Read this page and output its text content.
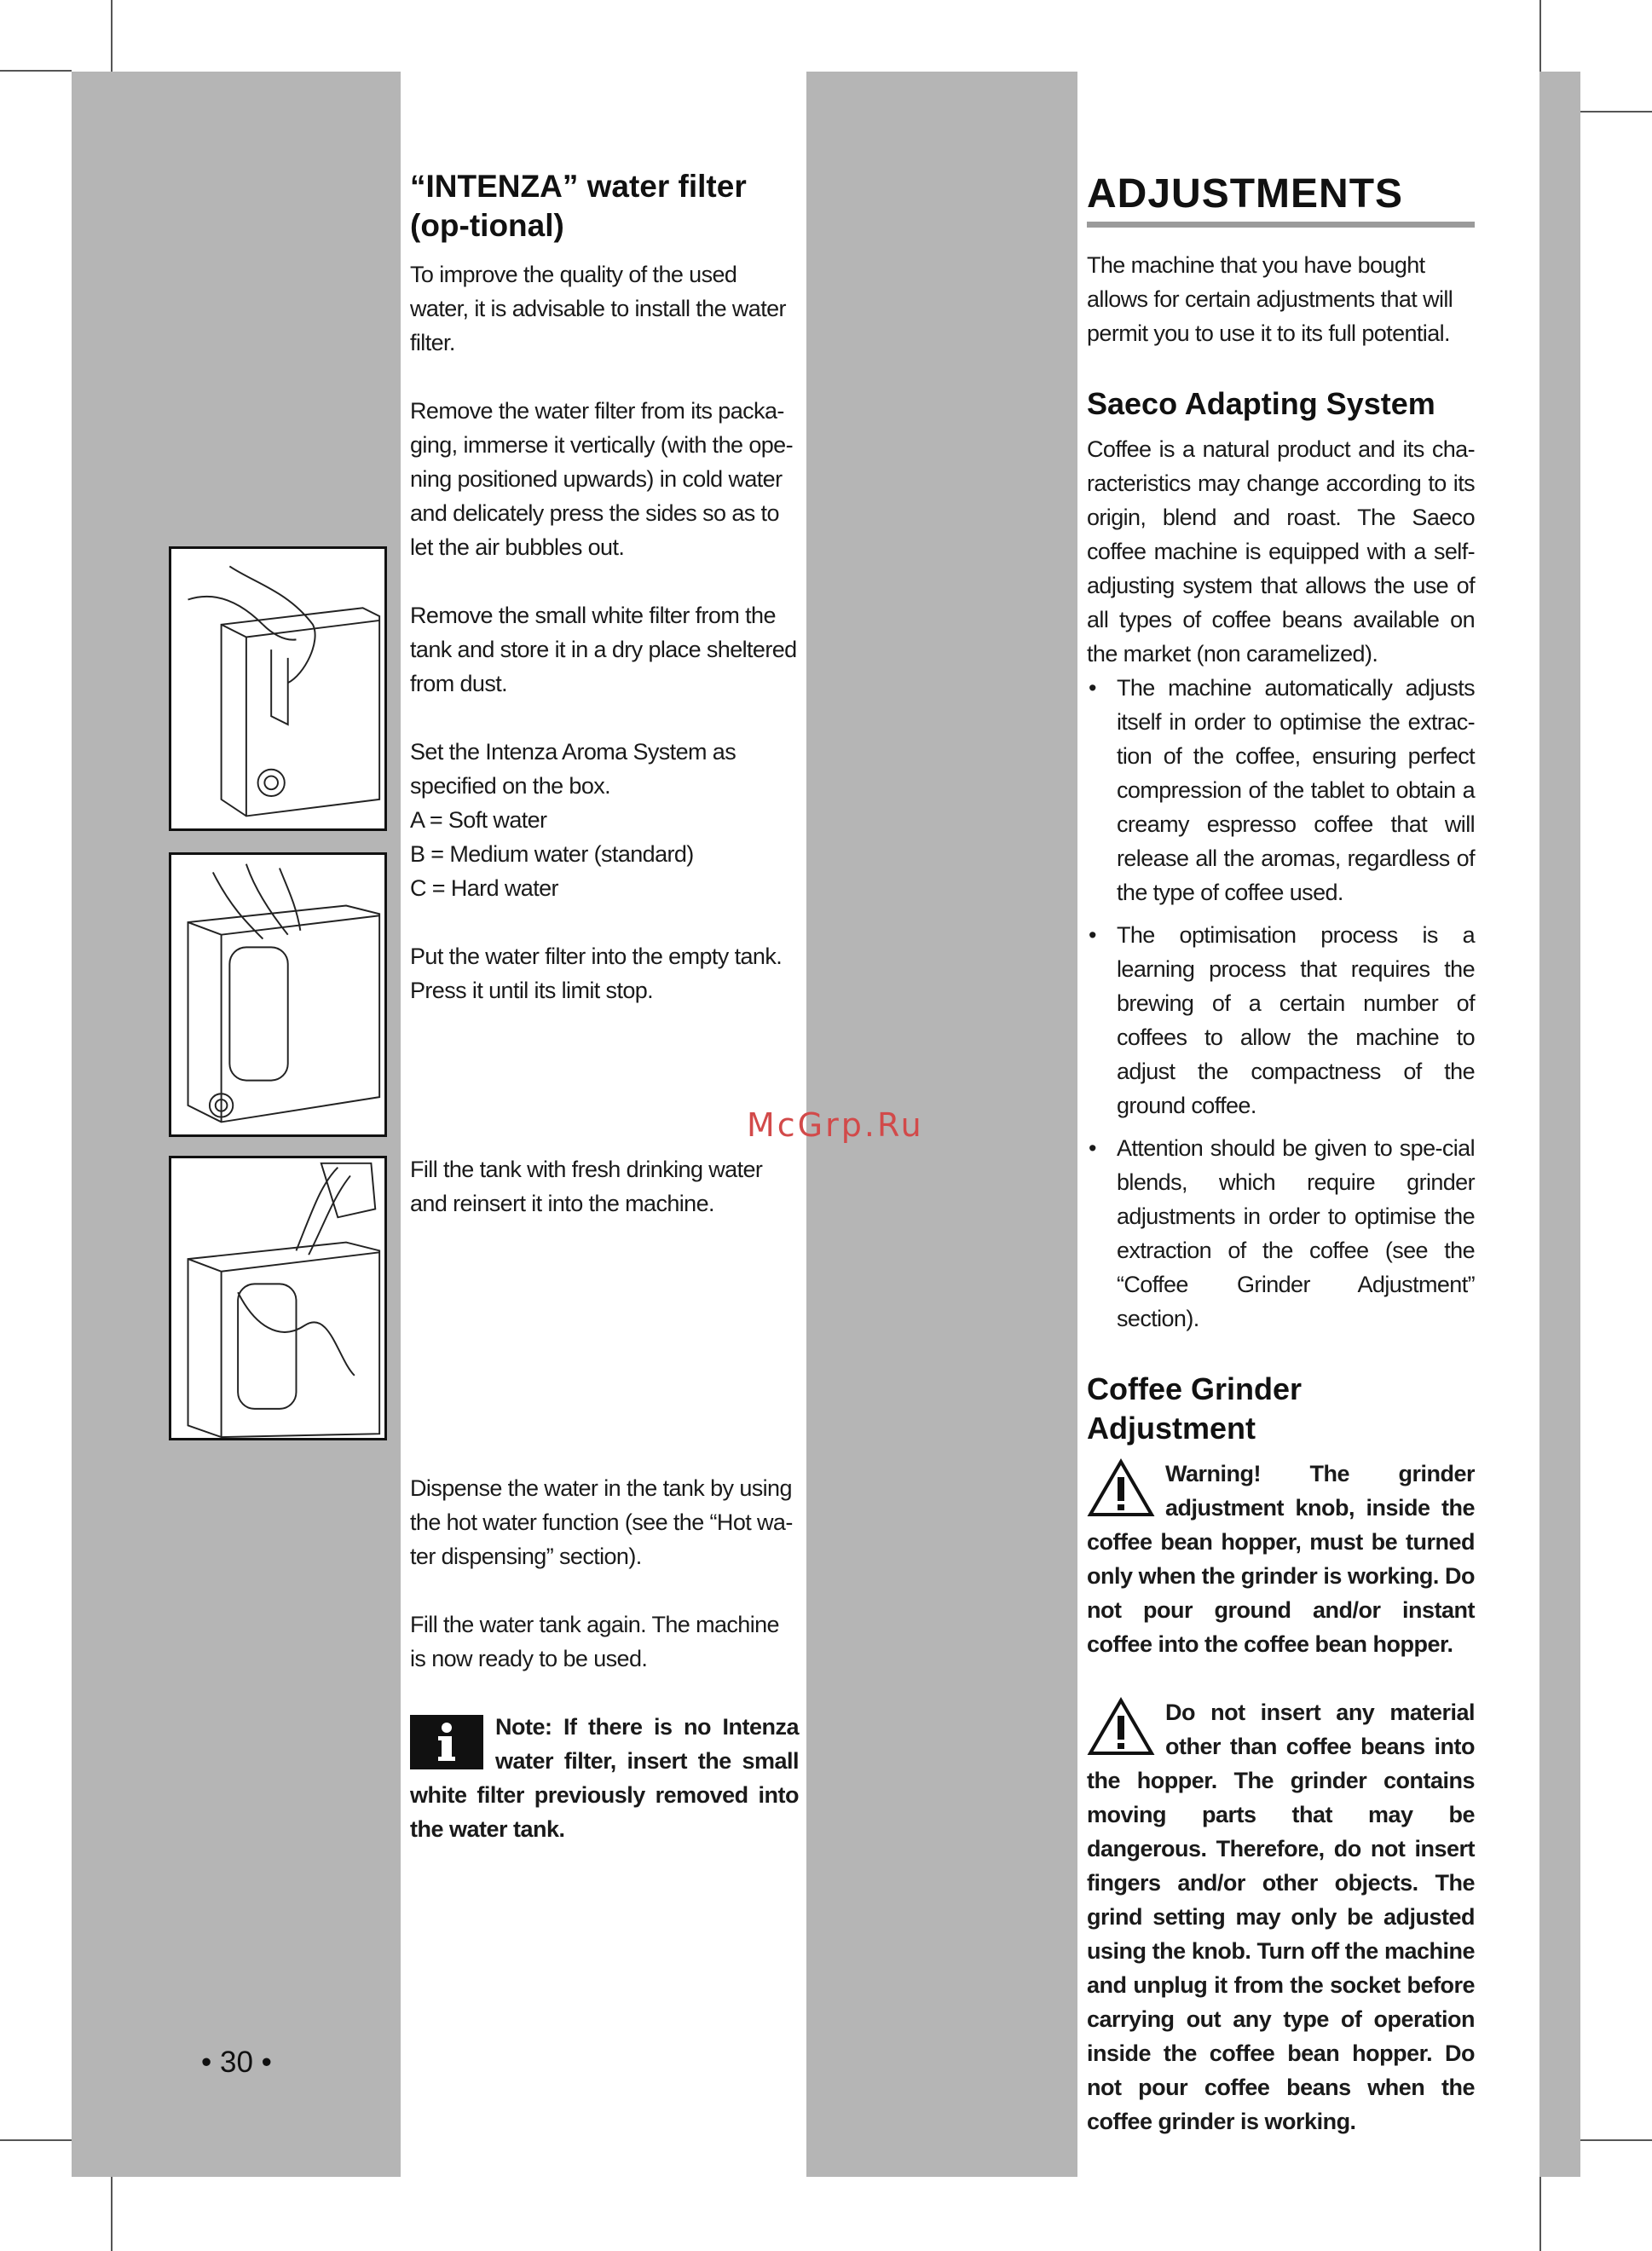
“INTENZA” water filter (op-tional)

To improve the quality of the used water, it is advisable to install the water filter.

Remove the water filter from its packa-ging, immerse it vertically (with the ope-ning positioned upwards) in cold water and delicately press the sides so as to let the air bubbles out.

Remove the small white filter from the tank and store it in a dry place sheltered from dust.

Set the Intenza Aroma System as specified on the box.

A = Soft water

B = Medium water (standard)

C = Hard water

Put the water filter into the empty tank. Press it until its limit stop.

Fill the tank with fresh drinking water and reinsert it into the machine.

Dispense the water in the tank by using the hot water function (see the “Hot wa-ter dispensing” section).

Fill the water tank again. The machine is now ready to be used.

Note: If there is no Intenza water filter, insert the small white filter previously removed into the water tank.
ADJUSTMENTS

The machine that you have bought allows for certain adjustments that will permit you to use it to its full potential.

Saeco Adapting System

Coffee is a natural product and its cha-racteristics may change according to its origin, blend and roast. The Saeco coffee machine is equipped with a self-adjusting system that allows the use of all types of coffee beans available on the market (non caramelized).

• The machine automatically adjusts itself in order to optimise the extrac-tion of the coffee, ensuring perfect compression of the tablet to obtain a creamy espresso coffee that will release all the aromas, regardless of the type of coffee used.
• The optimisation process is a learning process that requires the brewing of a certain number of coffees to allow the machine to adjust the compactness of the ground coffee.
• Attention should be given to spe-cial blends, which require grinder adjustments in order to optimise the extraction of the coffee (see the “Coffee Grinder Adjustment” section).
Coffee Grinder Adjustment
Warning! The grinder adjustment knob, inside the coffee bean hopper, must be turned only when the grinder is working. Do not pour ground and/or instant coffee into the coffee bean hopper.
Do not insert any material other than coffee beans into the hopper. The grinder contains moving parts that may be dangerous. Therefore, do not insert fingers and/or other objects. The grind setting may only be adjusted using the knob. Turn off the machine and unplug it from the socket before carrying out any type of operation inside the coffee bean hopper. Do not pour coffee beans when the coffee grinder is working.
McGrp.Ru
• 30 •
